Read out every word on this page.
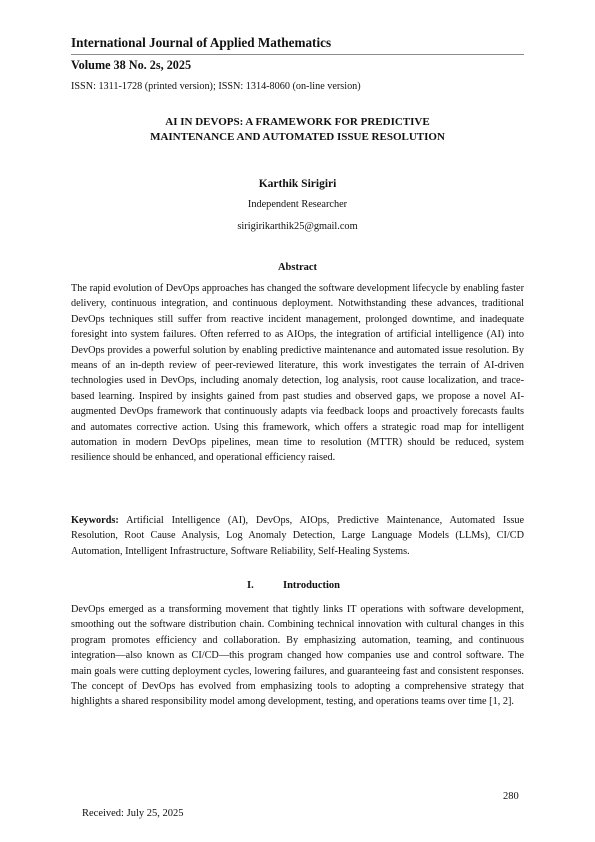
International Journal of Applied Mathematics
Volume 38 No. 2s, 2025
ISSN: 1311-1728 (printed version); ISSN: 1314-8060 (on-line version)
AI IN DEVOPS: A FRAMEWORK FOR PREDICTIVE
MAINTENANCE AND AUTOMATED ISSUE RESOLUTION
Karthik Sirigiri
Independent Researcher
sirigirikarthik25@gmail.com
Abstract

The rapid evolution of DevOps approaches has changed the software development lifecycle by enabling faster delivery, continuous integration, and continuous deployment. Notwithstanding these advances, traditional DevOps techniques still suffer from reactive incident management, prolonged downtime, and inadequate foresight into system failures. Often referred to as AIOps, the integration of artificial intelligence (AI) into DevOps provides a powerful solution by enabling predictive maintenance and automated issue resolution. By means of an in-depth review of peer-reviewed literature, this work investigates the terrain of AI-driven technologies used in DevOps, including anomaly detection, log analysis, root cause localization, and trace-based learning. Inspired by insights gained from past studies and observed gaps, we propose a novel AI-augmented DevOps framework that continuously adapts via feedback loops and proactively forecasts faults and automates corrective action. Using this framework, which offers a strategic road map for intelligent automation in modern DevOps pipelines, mean time to resolution (MTTR) should be reduced, system resilience should be enhanced, and operational efficiency raised.

Keywords: Artificial Intelligence (AI), DevOps, AIOps, Predictive Maintenance, Automated Issue Resolution, Root Cause Analysis, Log Anomaly Detection, Large Language Models (LLMs), CI/CD Automation, Intelligent Infrastructure, Software Reliability, Self-Healing Systems.

I.	Introduction

DevOps emerged as a transforming movement that tightly links IT operations with software development, smoothing out the software distribution chain. Combining technical innovation with cultural changes in this program promotes efficiency and collaboration. By emphasizing automation, teaming, and continuous integration—also known as CI/CD—this program changed how companies use and control software. The main goals were cutting deployment cycles, lowering failures, and guaranteeing fast and consistent responses. The concept of DevOps has evolved from emphasizing tools to adopting a comprehensive strategy that highlights a shared responsibility model among development, testing, and operations teams over time [1, 2].

280
Received: July 25, 2025
